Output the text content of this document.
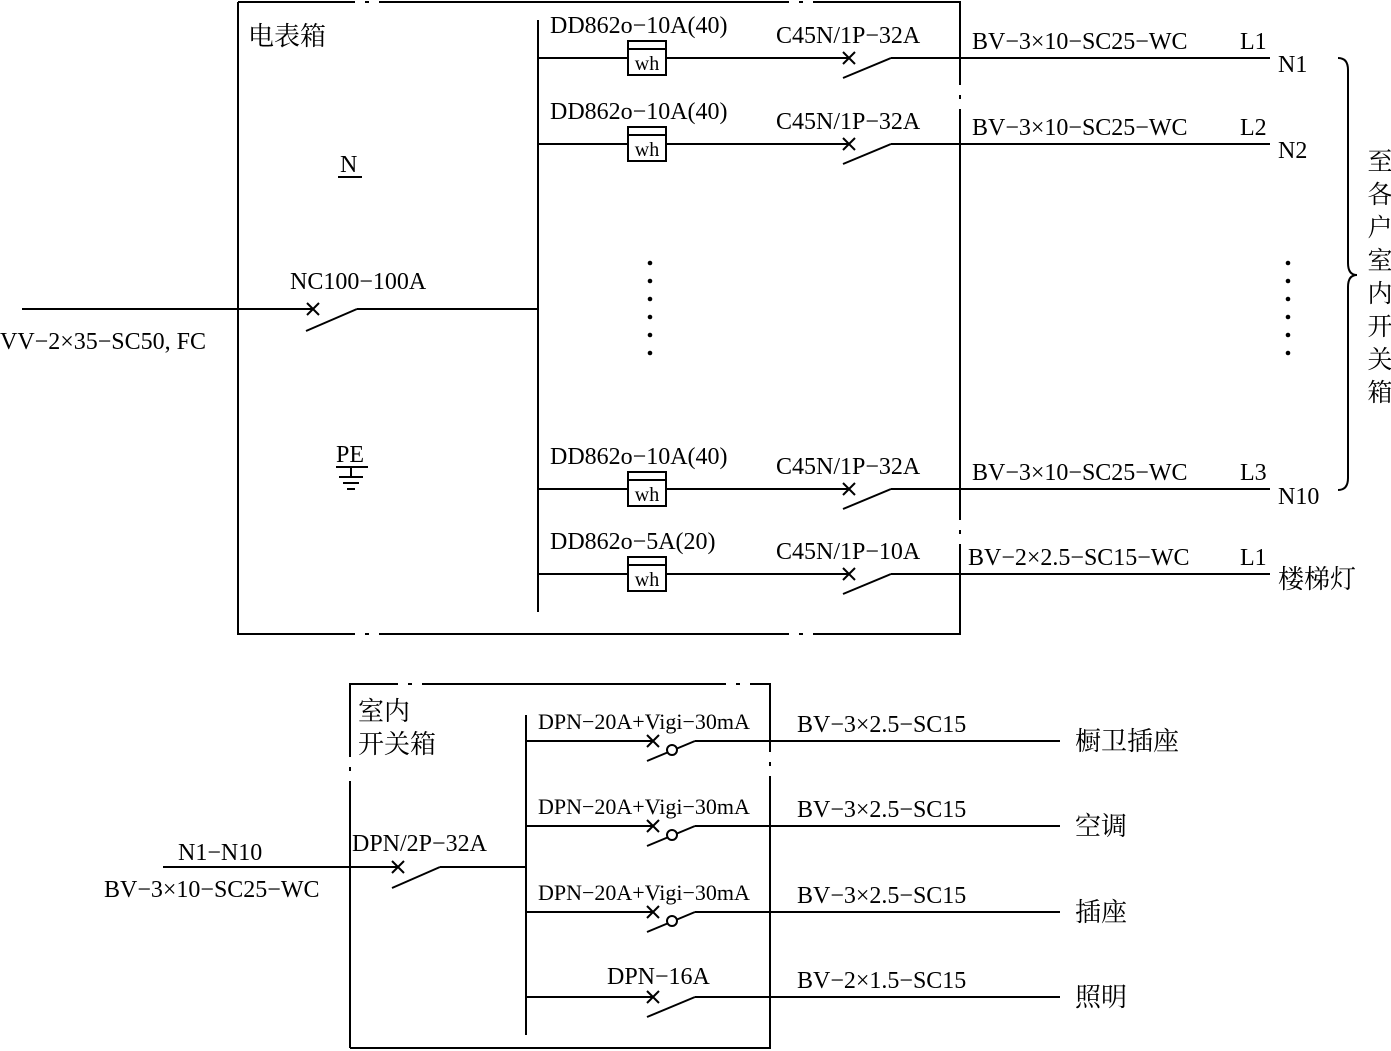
电表箱
VV−2×35−SC50, FC
NC100−100A
N
PE
wh
DD862o−10A(40) C45N/1P−32A BV−3×10−SC25−WC L1
N1
wh
DD862o−10A(40) C45N/1P−32A BV−3×10−SC25−WC L2
N2
wh
DD862o−10A(40) C45N/1P−32A BV−3×10−SC25−WC L3
N10
wh
DD862o−5A(20)	C45N/1P−10A BV−2×2.5−SC15−WC L1
楼梯灯
室内
开关箱
N1−N10
BV−3×10−SC25−WC
DPN/2P−32A
DPN−20A+Vigi−30mA BV−3×2.5−SC15
橱卫插座
DPN−20A+Vigi−30mA BV−3×2.5−SC15
空调
DPN−20A+Vigi−30mA BV−3×2.5−SC15
插座
DPN−16A	BV−2×1.5−SC15
照明
至各户室内开关箱
